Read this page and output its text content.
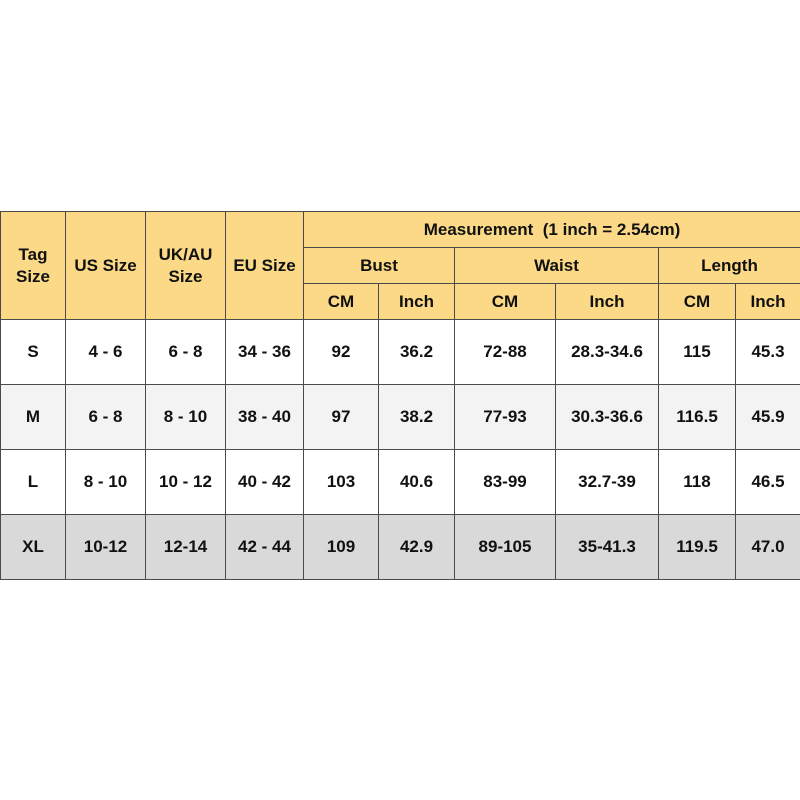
Tag Size	US Size	UK/AU Size	EU Size	Measurement  (1 inch = 2.54cm)					
				Bust		Waist		Length	
				CM	Inch	CM	Inch	CM	Inch
S	4 - 6	6 - 8	34 - 36	92	36.2	72-88	28.3-34.6	115	45.3
M	6 - 8	8 - 10	38 - 40	97	38.2	77-93	30.3-36.6	116.5	45.9
L	8 - 10	10 - 12	40 - 42	103	40.6	83-99	32.7-39	118	46.5
XL	10-12	12-14	42 - 44	109	42.9	89-105	35-41.3	119.5	47.0
